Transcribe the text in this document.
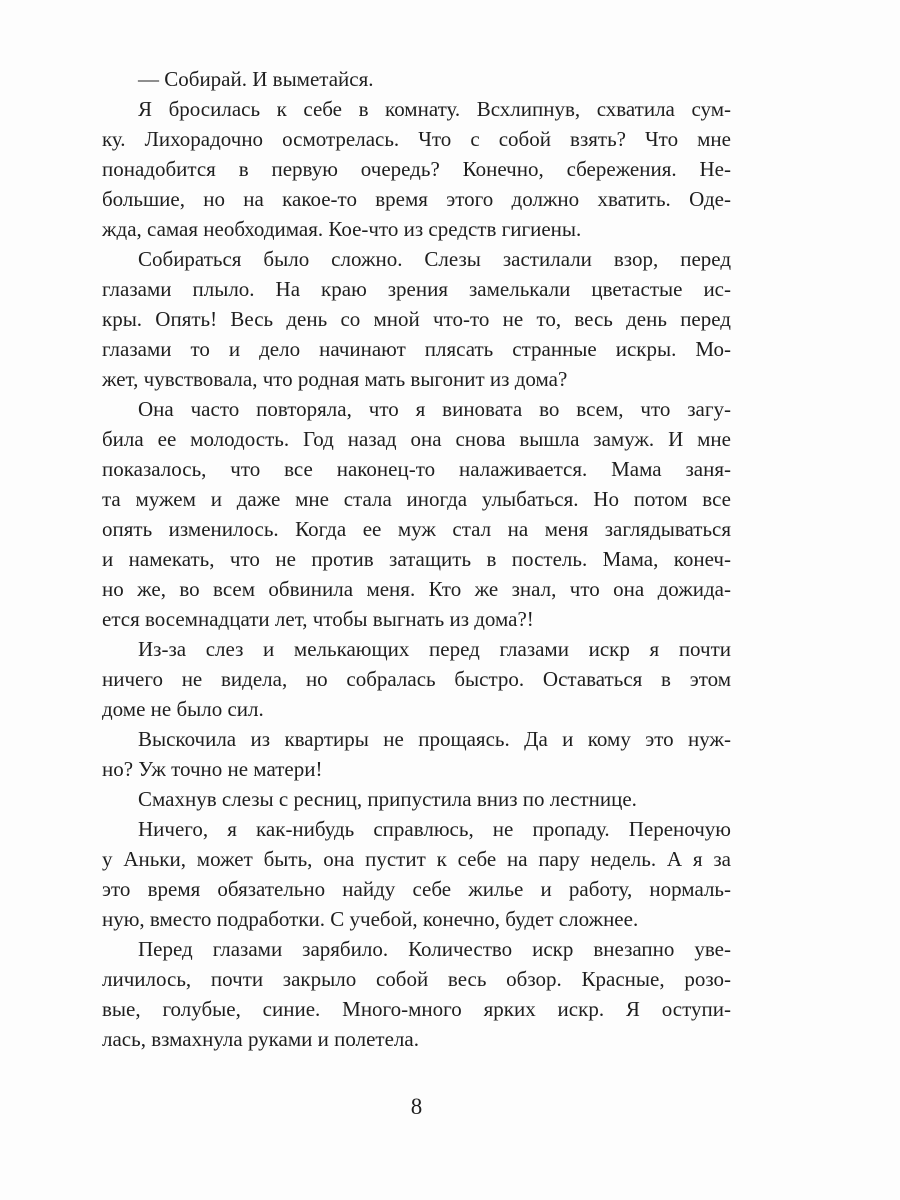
— Собирай. И выметайся.
Я бросилась к себе в комнату. Всхлипнув, схватила сум-
ку. Лихорадочно осмотрелась. Что с собой взять? Что мне
понадобится в первую очередь? Конечно, сбережения. Не-
большие, но на какое-то время этого должно хватить. Оде-
жда, самая необходимая. Кое-что из средств гигиены.
Собираться было сложно. Слезы застилали взор, перед
глазами плыло. На краю зрения замелькали цветастые ис-
кры. Опять! Весь день со мной что-то не то, весь день перед
глазами то и дело начинают плясать странные искры. Мо-
жет, чувствовала, что родная мать выгонит из дома?
Она часто повторяла, что я виновата во всем, что загу-
била ее молодость. Год назад она снова вышла замуж. И мне
показалось, что все наконец-то налаживается. Мама заня-
та мужем и даже мне стала иногда улыбаться. Но потом все
опять изменилось. Когда ее муж стал на меня заглядываться
и намекать, что не против затащить в постель. Мама, конеч-
но же, во всем обвинила меня. Кто же знал, что она дожида-
ется восемнадцати лет, чтобы выгнать из дома?!
Из-за слез и мелькающих перед глазами искр я почти
ничего не видела, но собралась быстро. Оставаться в этом
доме не было сил.
Выскочила из квартиры не прощаясь. Да и кому это нуж-
но? Уж точно не матери!
Смахнув слезы с ресниц, припустила вниз по лестнице.
Ничего, я как-нибудь справлюсь, не пропаду. Переночую
у Аньки, может быть, она пустит к себе на пару недель. А я за
это время обязательно найду себе жилье и работу, нормаль-
ную, вместо подработки. С учебой, конечно, будет сложнее.
Перед глазами зарябило. Количество искр внезапно уве-
личилось, почти закрыло собой весь обзор. Красные, розо-
вые, голубые, синие. Много-много ярких искр. Я оступи-
лась, взмахнула руками и полетела.
8
